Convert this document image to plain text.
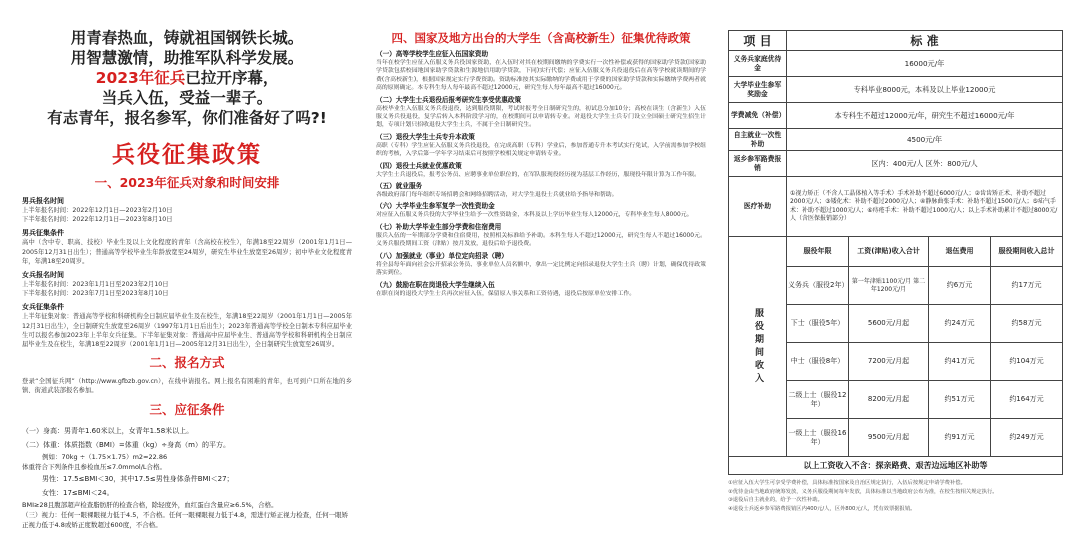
用青春热血，铸就祖国钢铁长城。
用智慧激情，助推军队科学发展。
2023年征兵已拉开序幕，
当兵入伍，受益一辈子。
有志青年，报名参军，你们准备好了吗?!
兵役征集政策
一、2023年征兵对象和时间安排
男兵报名时间
上半年报名时间：2022年12月1日—2023年2月10日
下半年报名时间：2022年12月1日—2023年8月10日
男兵征集条件
高中（含中专、职高、技校）毕业生及以上文化程度的青年（含高校在校生），年满18至22周岁（2001年1月1日—2005年12月31日出生）；普通高等学校毕业生年龄放宽至24周岁，研究生毕业生放宽至26周岁；初中毕业文化程度青年，年满18至20周岁。
女兵报名时间
上半年报名时间：2023年1月1日至2023年2月10日
下半年报名时间：2023年7月1日至2023年8月10日
女兵征集条件
上半年征集对象：普通高等学校和科研机构全日制应届毕业生及在校生，年满18至22周岁（2001年1月1日—2005年12月31日出生），全日制研究生放宽至26周岁（1997年1月1日后出生）；2023年普通高等学校全日制本专科应届毕业生可以报名参加2023年上半年女兵征集。下半年征集对象：普通高中应届毕业生、普通高等学校和科研机构全日制应届毕业生及在校生，年满18至22周岁（2001年1月1日—2005年12月31日出生），全日制研究生放宽至26周岁。
二、报名方式
登录“全国征兵网”（http://www.gfbzb.gov.cn），在线申请报名。网上报名有困难的青年，也可到户口所在地的乡镇、街道武装部报名参加。
三、应征条件
（一）身高：男青年1.60米以上，女青年1.58米以上。
（二）体重：体质指数（BMI）=体重（kg）÷身高（m）的平方。
例如：70kg ÷（1.75×1.75）m2≈22.86
体重符合下列条件且参检血压≤7.0mmol/L合格。
男性：17.5≤BMI＜30，其中17.5≤男性身体条件BMI＜27；
女性：17≤BMI＜24。
BMI≥28且腹部超声检查脂肪肝的检查合格，除轻度外，血红蛋白含量应≥6.5%，合格。
（三）视力：任何一眼裸眼视力低于4.5，不合格。任何一眼裸眼视力低于4.8，需进行矫正视力检查，任何一眼矫正视力低于4.8或矫正度数超过600度，不合格。
四、国家及地方出台的大学生（含高校新生）征集优待政策
（一）高等学校学生应征入伍国家资助
当年在校学生应征入伍服义务兵役国家资助，在入伍时对其在校期间缴纳的学费实行一次性补偿或获得的国家助学贷款(国家助学贷款包括校园地国家助学贷款和生源地信用助学贷款，下同)实行代偿；应征入伍服义务兵役退役后在高等学校就读期间的学费(含高校新生)，根据国家规定实行学费资助。资助标准按其实际缴纳的学费或用于学费的国家助学贷款和实际缴纳学费两者就高的原则确定。本专科生每人每年最高不超过12000元，研究生每人每年最高不超过16000元。
（二）大学生士兵退役后报考研究生享受优惠政策
高校毕业生入伍服义务兵役退役，达到服役期限，考试时报考全日制研究生的，初试总分加10分；高校在读生（含新生）入伍服义务兵役退役，复学后转入本科阶段学习的，在校期间可以申请转专业。对退役大学生士兵专门设立全国硕士研究生招生计划，专项计划只招收退役大学生士兵，不属于全日制研究生。
（三）退役大学生士兵专升本政策
高职（专科）学生应征入伍服义务兵役退役，在完成高职（专科）学业后，参加普通专升本考试实行免试，入学前需参加学校组织的考核，入学后第一学年学习结束后可按照学校相关规定申请转专业。
（四）退役士兵就业优惠政策
大学生士兵退役后，报考公务员、应聘事业单位职位的，在军队服现役经历视为基层工作经历，服现役年限计算为工作年限。
（五）就业服务
各级政府部门每年组织专场招聘会和网络招聘活动，对大学生退役士兵就业给予指导和帮助。
（六）大学毕业生参军复学一次性资助金
对应征入伍服义务兵役的大学毕业生给予一次性资助金，本科及以上学历毕业生每人12000元，专科毕业生每人8000元。
（七）补助大学毕业生部分学费和住宿费用
服兵入伍的一年期部分学费和住宿费用，按照相关标准给予补助。本科生每人不超过12000元，研究生每人不超过16000元。义务兵服役期间工资（津贴）按月发放，退役后给予退役费。
（八）加强就业（事业）单位定向招录（聘）
将全县每年面向社会公开招录公务员、事业单位人员名额中，拿出一定比例定向招录退役大学生士兵（聘）计划，确保优待政策落实到位。
（九）鼓励在职在岗退役大学生继续入伍
在职在岗的退役大学生士兵再次应征入伍，保留原人事关系和工资待遇，退役后按原单位安排工作。
项 目	标 准			
义务兵家庭优待金	16000元/年			
大学毕业生参军奖励金	专科毕业8000元，本科及以上毕业12000元			
学费减免（补偿）	本专科生不超过12000元/年，研究生不超过16000元/年			
自主就业一次性补助	4500元/年			
返乡参军路费报销	区内：400元/人 区外：800元/人			
医疗补助	①视力矫正（不含人工晶体植入等手术）手术补助不超过6000元/人；②齿齿矫正术、补助不超过2000元/人；③矮化术：补助不超过2000元/人；④静脉曲张手术：补助不超过1500元/人；⑤疝气手术：补助不超过1000元/人；⑥痔疮手术：补助不超过1000元/人；以上手术补助累计不超过8000元/人（含医保报销部分）			

服役期间收入	服役年限	工资(津贴)收入合计	退伍费用	服役期间收入总计
	义务兵（服役2年）	第一年津贴1100元/月 第二年1200元/月	约6万元	约17万元
	下士（服役5年）	5600元/月起	约24万元	约58万元
	中士（服役8年）	7200元/月起	约41万元	约104万元
	二级上士（服役12年）	8200元/月起	约51万元	约164万元
	一级上士（服役16年）	9500元/月起	约91万元	约249万元
以上工资收入不含：探亲路费、艰苦边远地区补助等				
①应征入伍大学生可享受学费补偿，具体标准按国家及自治区规定执行，入伍后按规定申请学费补偿。
②优待金由当地政府统筹发放，义务兵服役期间每年发放，具体标准以当地政府公布为准，在校生按相关规定执行。
③退役后自主就业的，给予一次性补助。
④退役士兵返乡参军路费报销区内400元/人，区外800元/人，凭有效票据报销。
